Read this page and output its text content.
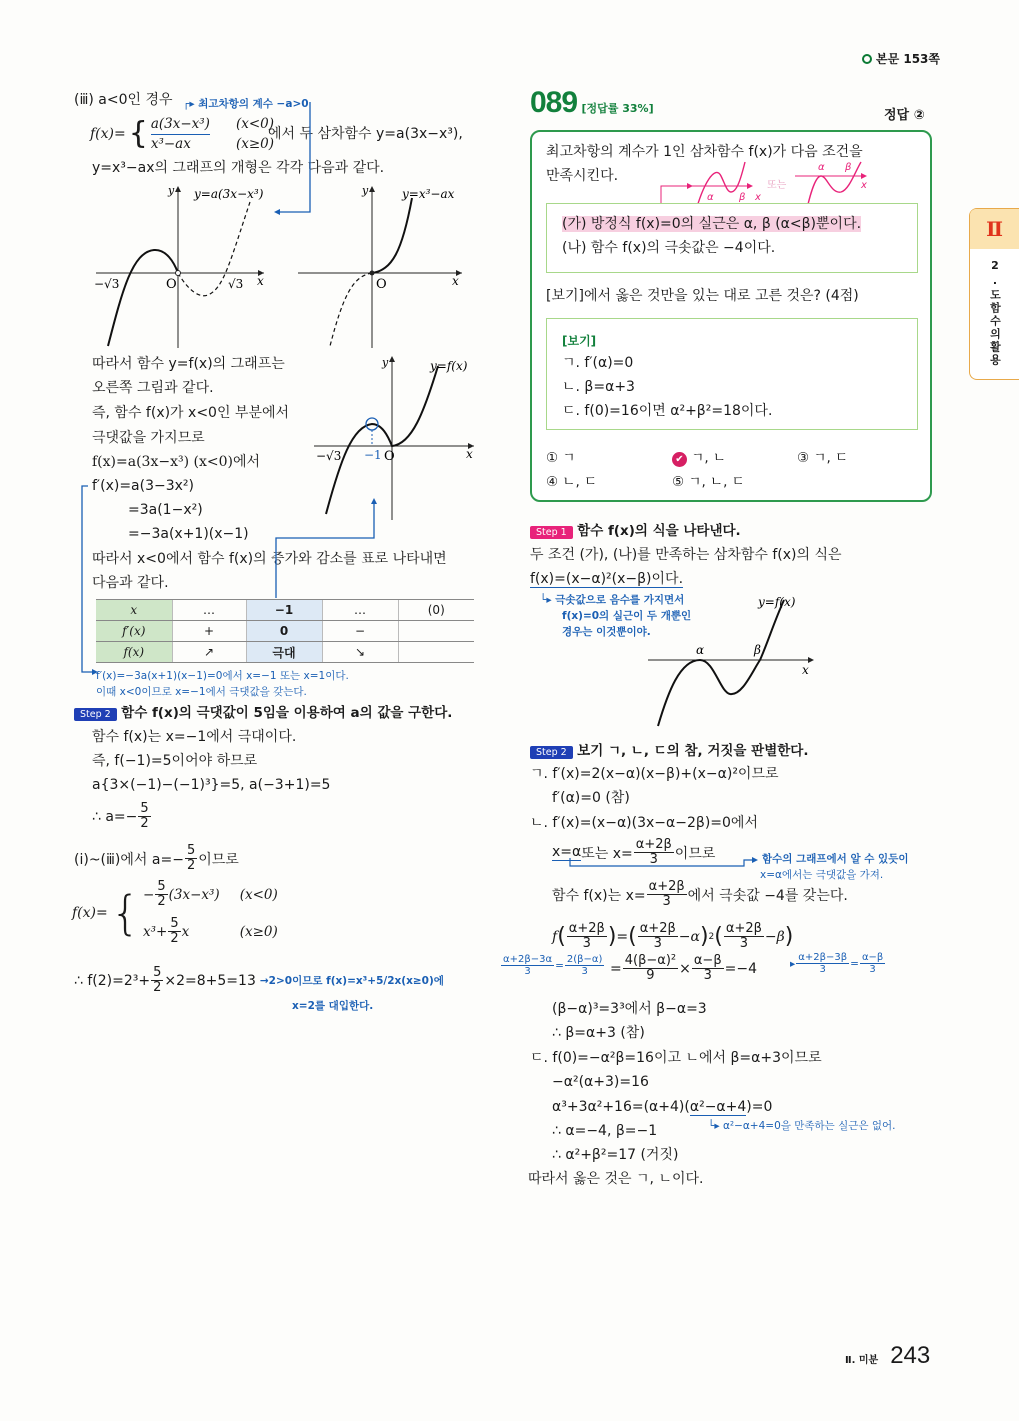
본문 153쪽
089 [정답률 33%]	정답 ②
Ⅱ
2.도함수의활용
(ⅲ) a<0인 경우 ┌▸ 최고차항의 계수 −a>0
f(x)= { a(3x−x³) (x<0)
x³−ax	(x≥0)
에서 두 삼차함수 y=a(3x−x³),
y=x³−ax의 그래프의 개형은 각각 다음과 같다.
−√3	O	√3 x
y y=a(3x−x³)
O	x
y	y=x³−ax
따라서 함수 y=f(x)의 그래프는
오른쪽 그림과 같다.
즉, 함수 f(x)가 x<0인 부분에서
극댓값을 가지므로
f(x)=a(3x−x³) (x<0)에서
f′(x)=a(3−3x²)
=3a(1−x²)
=−3a(x+1)(x−1)
따라서 x<0에서 함수 f(x)의 증가와 감소를 표로 나타내면
다음과 같다.
−√3 −1 O	x
y	y=f(x)
x	…	−1	…	(0)
f′(x)	+	0	−	
f(x)	↗	극대	↘	
f′(x)=−3a(x+1)(x−1)=0에서 x=−1 또는 x=1이다.
이때 x<0이므로 x=−1에서 극댓값을 갖는다.
Step 2 함수 f(x)의 극댓값이 5임을 이용하여 a의 값을 구한다.
함수 f(x)는 x=−1에서 극대이다.
즉, f(−1)=5이어야 하므로
a{3×(−1)−(−1)³}=5, a(−3+1)=5
∴ $a=- \frac{5}{2}$
(ⅰ)~(ⅲ)에서 $a=- \frac{5}{2}$ 이므로
f(x)= { − $\frac{5}{2} (3x-x^3)$ (x<0)
$x^3+ \frac{5}{2}$ x	(x≥0)
∴ $f(2)=2^3+ \frac{5}{2} \times 2=8+5=13 \to 2>0$이므로 f(x)=x³+5/2x(x≥0)에
x=2를 대입한다.
최고차항의 계수가 1인 삼차함수 f(x)가 다음 조건을
만족시킨다.
α	β x
또는
α β
x
(가) 방정식 f(x)=0의 실근은 α, β (α<β)뿐이다.
(나) 함수 f(x)의 극솟값은 −4이다.
[보기]에서 옳은 것만을 있는 대로 고른 것은? (4점)
[보기]
ㄱ. f′(α)=0
ㄴ. β=α+3
ㄷ. f(0)=16이면 α²+β²=18이다.
① ㄱ	✔ ㄱ, ㄴ	③ ㄱ, ㄷ
④ ㄴ, ㄷ	⑤ ㄱ, ㄴ, ㄷ
Step 1 함수 f(x)의 식을 나타낸다.
두 조건 (가), (나)를 만족하는 삼차함수 f(x)의 식은
f(x)=(x−α)²(x−β)이다.
└▸ 극솟값으로 음수를 가지면서
f(x)=0의 실근이 두 개뿐인
경우는 이것뿐이야.
α	β
x
y=f(x)
Step 2 보기 ㄱ, ㄴ, ㄷ의 참, 거짓을 판별한다.
ㄱ. f′(x)=2(x−α)(x−β)+(x−α)²이므로
f′(α)=0 (참)
ㄴ. f′(x)=(x−α)(3x−α−2β)=0에서
x=α 또는 $x= \frac{\alpha+2\beta}{3}$ 이므로	함수의 그래프에서 알 수 있듯이
x=α에서는 극댓값을 가져.
함수 f(x)는 $x= \frac{\alpha+2\beta}{3}$ 에서 극솟값 −4를 갖는다.
f ( $\frac{\alpha+2\beta}{3}$ ) = ( $\frac{\alpha+2\beta}{3} -\alpha$ ) 2 ( $\frac{\alpha+2\beta}{3} -\beta$ )
$\frac{\alpha+2\beta-3\alpha}{3} = \frac{2(\beta-\alpha)}{3} = \frac{\text{4(β−α)²}}{9} \times \frac{\alpha-\beta}{3} =-4$	▸ $\frac{\alpha+2\beta-3\beta}{3} = \frac{\alpha-\beta}{3}$
(β−α)³=3³에서 β−α=3
∴ β=α+3 (참)
ㄷ. f(0)=−α²β=16이고 ㄴ에서 β=α+3이므로
−α²(α+3)=16
α³+3α²+16=(α+4)(α²−α+4)=0
└▸ α²−α+4=0을 만족하는 실근은 없어.
∴ α=−4, β=−1
∴ α²+β²=17 (거짓)
따라서 옳은 것은 ㄱ, ㄴ이다.
Ⅱ. 미분 243
